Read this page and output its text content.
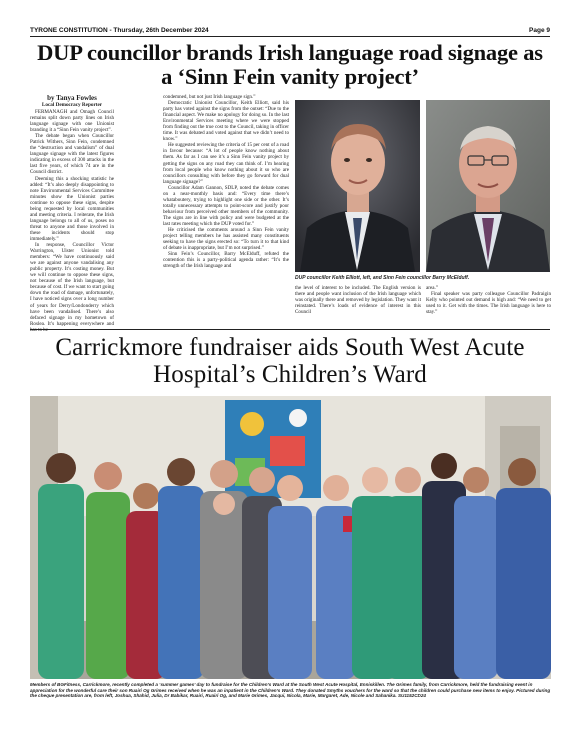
TYRONE CONSTITUTION - Thursday, 26th December 2024	Page 9
DUP councillor brands Irish language road signage as a ‘Sinn Fein vanity project’
by Tanya Fowles
Local Democracy Reporter

FERMANAGH and Omagh Council remains split down party lines on Irish language signage with one Unionist branding it a “Sinn Fein vanity project”.

The debate began when Councillor Patrick Withers, Sinn Fein, condemned the “destruction and vandalism” of dual language signage with the latest figures indicating in excess of 300 attacks in the last five years, of which 74 are in the Council district.

Deeming this a shocking statistic he added: “It’s also deeply disappointing to note Environmental Services Committee minutes show the Unionist parties continue to oppose these signs, despite being requested by local communities and meeting criteria. I reiterate, the Irish language belongs to all of us, poses no threat to anyone and those involved in these incidents should stop immediately.”

In response, Councillor Victor Warrington, Ulster Unionist told members: “We have continuously said we are against anyone vandalising any public property. It’s costing money. But we will continue to oppose these signs, not because of the Irish language, but because of cost. If we want to start going down the road of damage, unfortunately, I have noticed signs over a long number of years for Derry/Londonderry which have been vandalised. There’s also defaced signage in my hometown of Roslea. It’s happening everywhere and has to be

condemned, but not just Irish language sign.”

Democratic Unionist Councillor, Keith Elliott, said his party has voted against the signs from the outset: “Due to the financial aspect. We make no apology for doing so. In the last Environmental Services meeting where we were stopped from finding out the true cost to the Council, taking in officer time. It was debated and voted against that we didn’t need to know.”

He suggested reviewing the criteria of 15 per cent of a road in favour because: “A lot of people know nothing about them. As far as I can see it’s a Sinn Fein vanity project by getting the signs on any road they can think of. I’m hearing from local people who know nothing about it so who are councillors consulting with before they go forward for dual language signage?”

Councillor Adam Gannon, SDLP, noted the debate comes on a near-monthly basis and: “Every time there’s whataboutery, trying to highlight one side or the other. It’s totally unnecessary attempts to point-score and justify poor behaviour from perceived other members of the community. The signs are in line with policy and were budgeted at the last rates meeting which the DUP voted for.”

He criticised the comments around a Sinn Fein vanity project telling members he has assisted many constituents seeking to have the signs erected so: “To turn it to that kind of debate is inappropriate, but I’m not surprised.”

Sinn Fein’s Councillor, Barry McElduff, refuted the contention this is a party-political agenda rather: “It’s the strength of the Irish language and

DUP councillor Keith Elliott, left, and Sinn Fein councillor Barry McElduff.

the level of interest to be included. The English version is there and people want inclusion of the Irish language which was originally there and removed by legislation. They want it reinstated. There’s loads of evidence of interest in this Council

area.”

Final speaker was party colleague Councillor Padraigin Kelly who pointed out demand is high and: “We need to get used to it. Get with the times. The Irish language is here to stay.”

Carrickmore fundraiser aids South West Acute Hospital’s Children’s Ward
Members of BGFitness, Carrickmore, recently completed a ‘summer games’ day to fundraise for the Children’s Ward at the South West Acute Hospital, Enniskillen. The Grimes family, from Carrickmore, held the fundraising event in appreciation for the wonderful care their son Ruairi Og Grimes received when he was an inpatient in the Children’s Ward. They donated Smyths vouchers for the ward so that the children could purchase new items to enjoy. Pictured during the cheque presentation are, from left, Joshua, Shahid, Julia, Dr Babikar, Ruairi, Ruairi Og, and Marie Grimes, Jacqui, Nicola, Marie, Margaret, Ade, Nicole and Sahanika. SU1152CD24
